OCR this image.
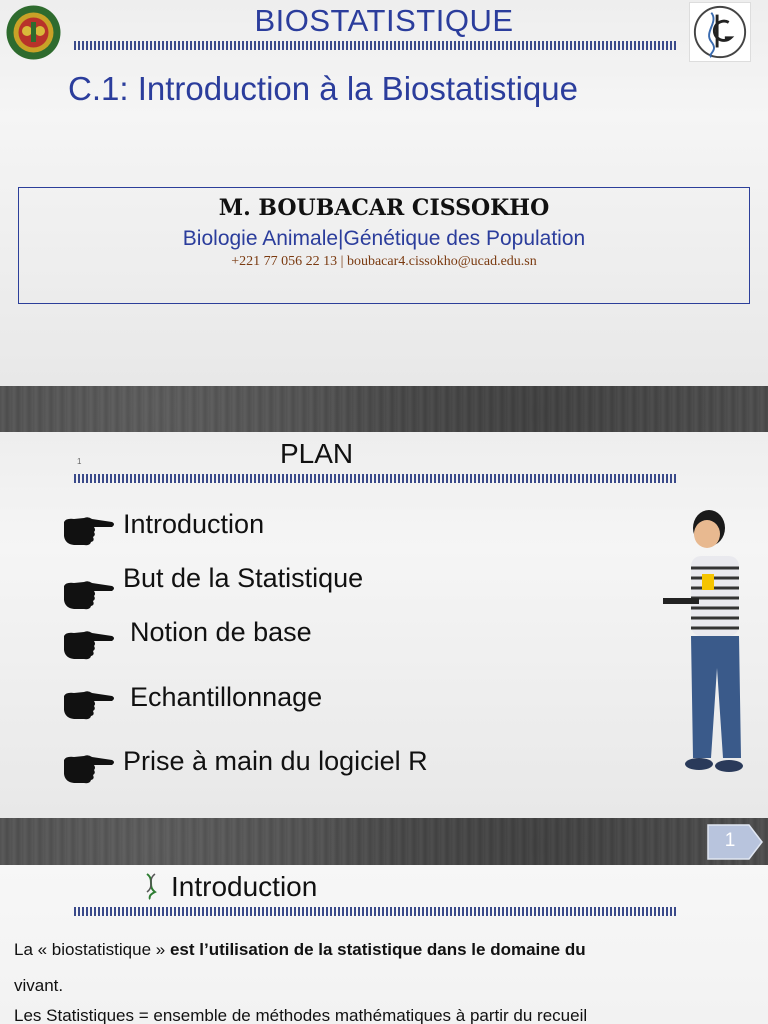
BIOSTATISTIQUE
C.1: Introduction à la Biostatistique
M. BOUBACAR CISSOKHO
Biologie Animale|Génétique des Population
+221 77 056 22 13 | boubacar4.cissokho@ucad.edu.sn
1	PLAN
Introduction
But de la Statistique
Notion de base
Echantillonnage
Prise à main du logiciel R
1
Introduction
La « biostatistique » est l’utilisation de la statistique dans le domaine du
vivant.
Les Statistiques = ensemble de méthodes mathématiques à partir du recueil
